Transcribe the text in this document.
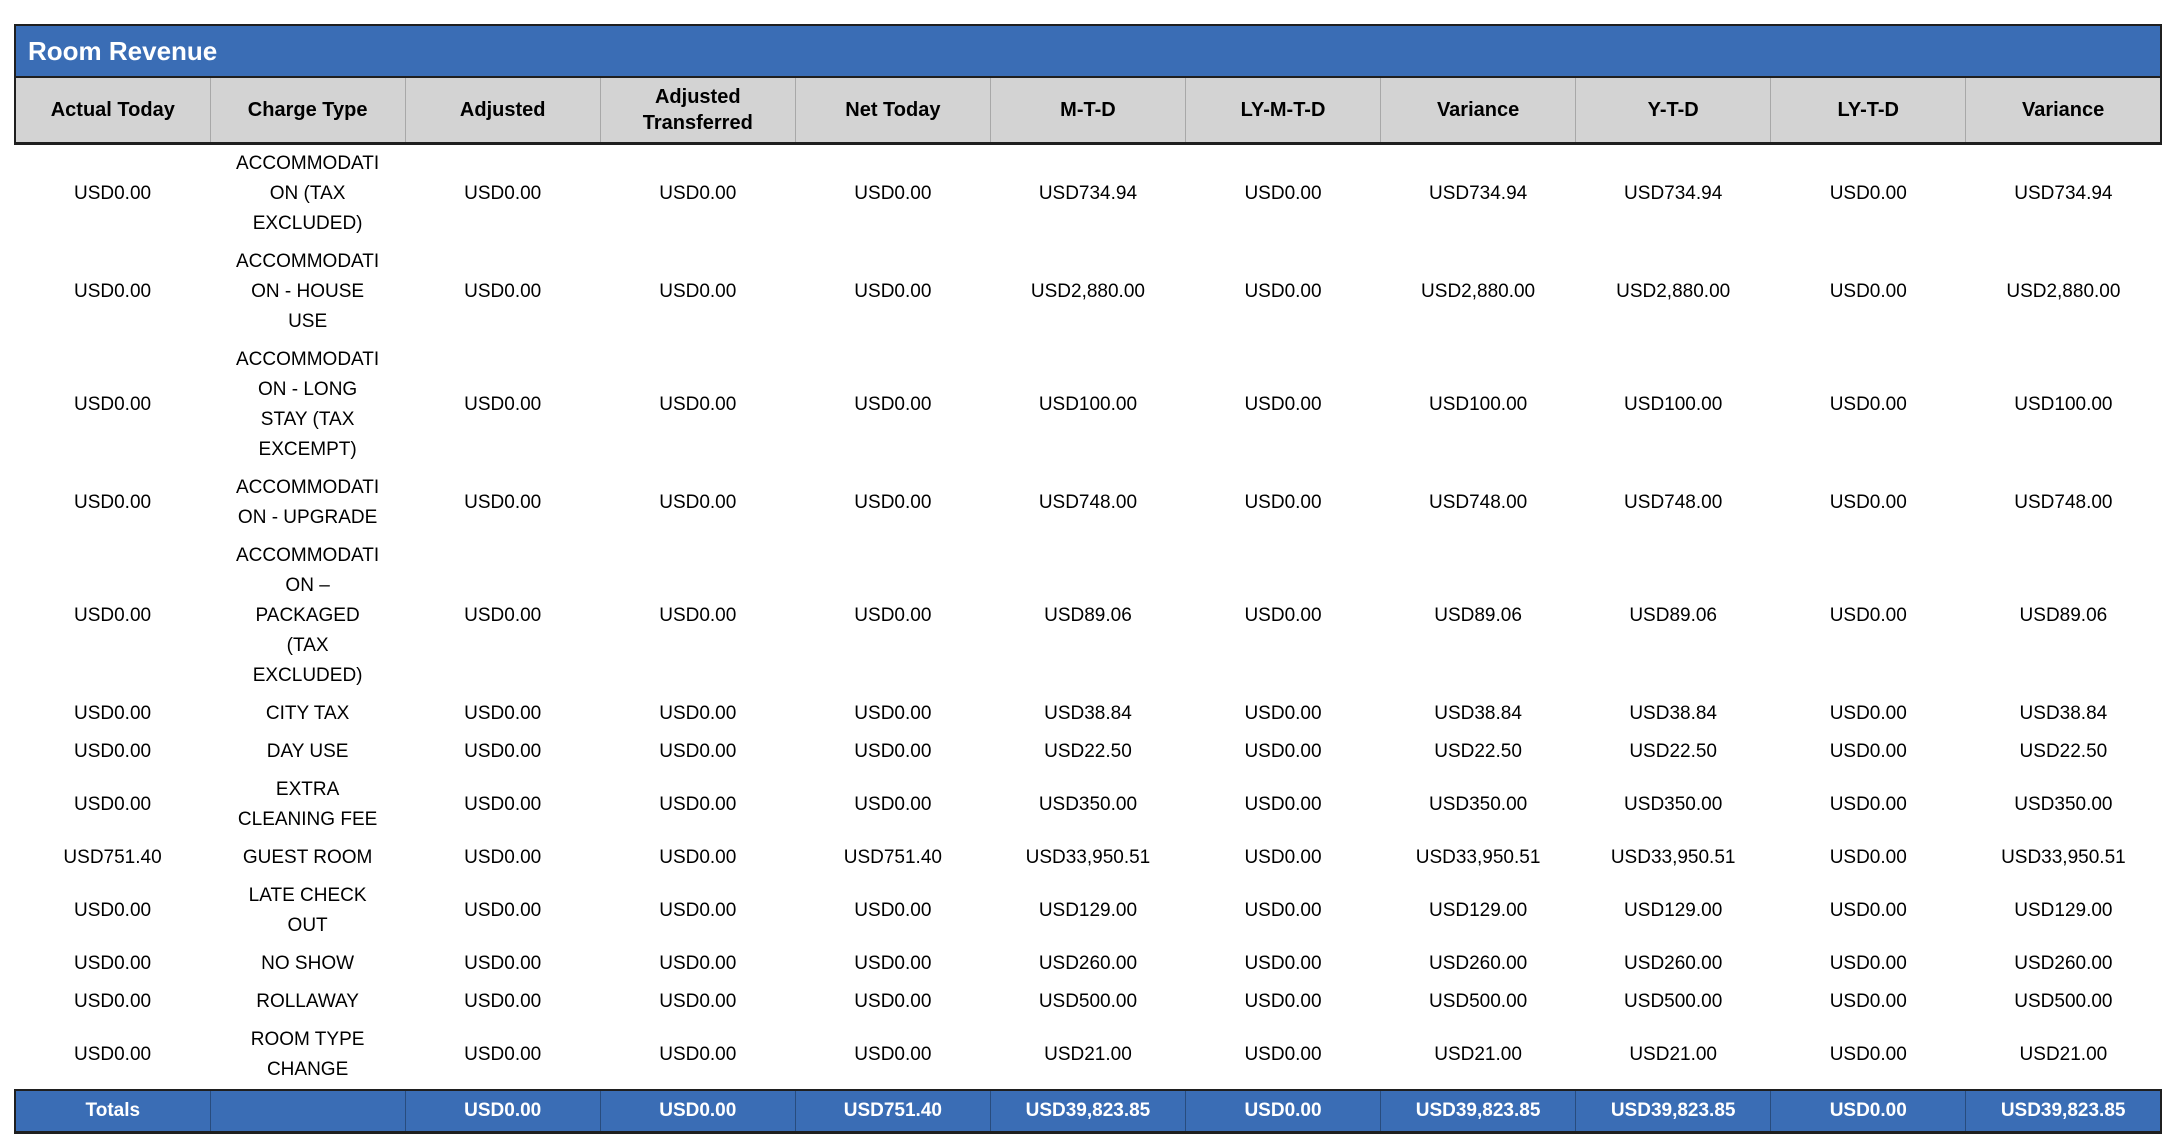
Room Revenue
Actual Today	Charge Type	Adjusted	Adjusted Transferred	Net Today	M-T-D	LY-M-T-D	Variance	Y-T-D	LY-T-D	Variance
USD0.00	ACCOMMODATION (TAX EXCLUDED)	USD0.00	USD0.00	USD0.00	USD734.94	USD0.00	USD734.94	USD734.94	USD0.00	USD734.94
USD0.00	ACCOMMODATION - HOUSE USE	USD0.00	USD0.00	USD0.00	USD2,880.00	USD0.00	USD2,880.00	USD2,880.00	USD0.00	USD2,880.00
USD0.00	ACCOMMODATION - LONG STAY (TAX EXCEMPT)	USD0.00	USD0.00	USD0.00	USD100.00	USD0.00	USD100.00	USD100.00	USD0.00	USD100.00
USD0.00	ACCOMMODATION - UPGRADE	USD0.00	USD0.00	USD0.00	USD748.00	USD0.00	USD748.00	USD748.00	USD0.00	USD748.00
USD0.00	ACCOMMODATION – PACKAGED (TAX EXCLUDED)	USD0.00	USD0.00	USD0.00	USD89.06	USD0.00	USD89.06	USD89.06	USD0.00	USD89.06
USD0.00	CITY TAX	USD0.00	USD0.00	USD0.00	USD38.84	USD0.00	USD38.84	USD38.84	USD0.00	USD38.84
USD0.00	DAY USE	USD0.00	USD0.00	USD0.00	USD22.50	USD0.00	USD22.50	USD22.50	USD0.00	USD22.50
USD0.00	EXTRA CLEANING FEE	USD0.00	USD0.00	USD0.00	USD350.00	USD0.00	USD350.00	USD350.00	USD0.00	USD350.00
USD751.40	GUEST ROOM	USD0.00	USD0.00	USD751.40	USD33,950.51	USD0.00	USD33,950.51	USD33,950.51	USD0.00	USD33,950.51
USD0.00	LATE CHECK OUT	USD0.00	USD0.00	USD0.00	USD129.00	USD0.00	USD129.00	USD129.00	USD0.00	USD129.00
USD0.00	NO SHOW	USD0.00	USD0.00	USD0.00	USD260.00	USD0.00	USD260.00	USD260.00	USD0.00	USD260.00
USD0.00	ROLLAWAY	USD0.00	USD0.00	USD0.00	USD500.00	USD0.00	USD500.00	USD500.00	USD0.00	USD500.00
USD0.00	ROOM TYPE CHANGE	USD0.00	USD0.00	USD0.00	USD21.00	USD0.00	USD21.00	USD21.00	USD0.00	USD21.00
Totals		USD0.00	USD0.00	USD751.40	USD39,823.85	USD0.00	USD39,823.85	USD39,823.85	USD0.00	USD39,823.85
